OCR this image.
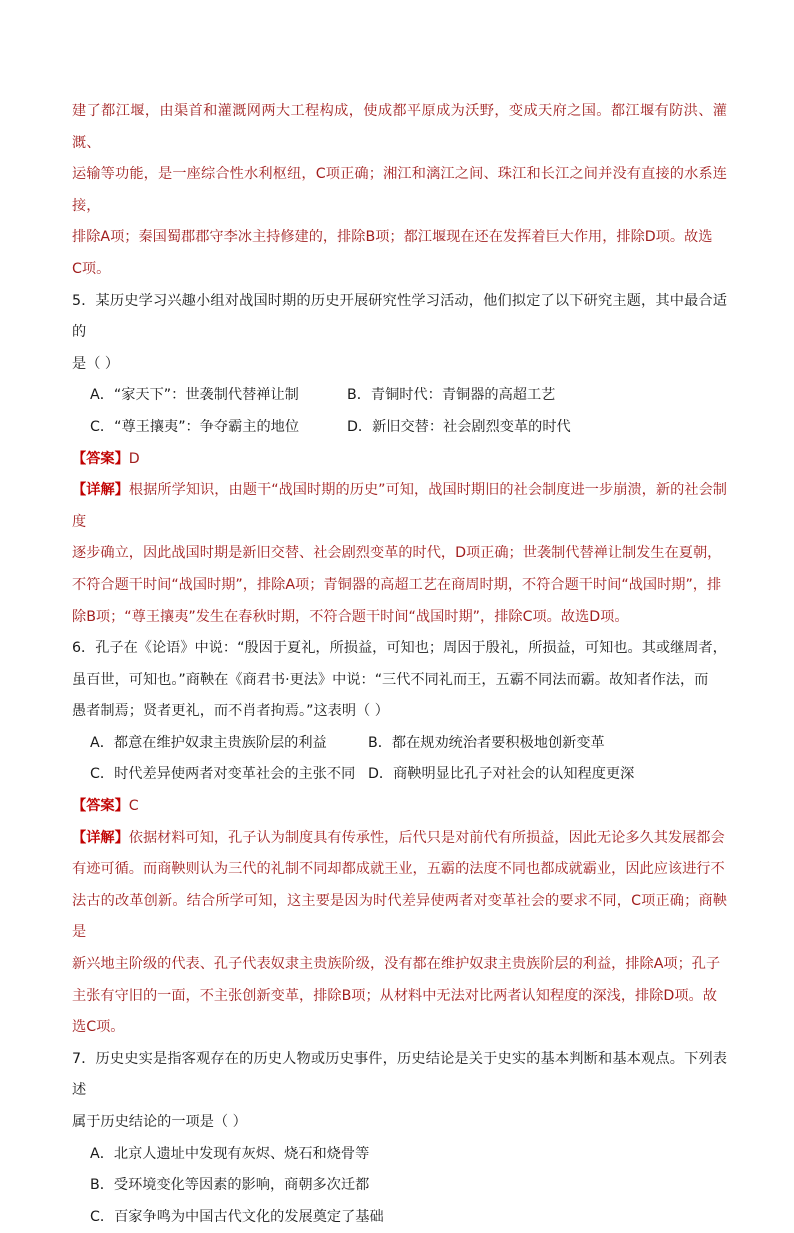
建了都江堰，由渠首和灌溉网两大工程构成，使成都平原成为沃野，变成天府之国。都江堰有防洪、灌溉、

运输等功能，是一座综合性水利枢纽，C项正确；湘江和漓江之间、珠江和长江之间并没有直接的水系连接，

排除A项；秦国蜀郡郡守李冰主持修建的，排除B项；都江堰现在还在发挥着巨大作用，排除D项。故选

C项。

5．某历史学习兴趣小组对战国时期的历史开展研究性学习活动，他们拟定了以下研究主题，其中最合适的

是（ ）

A．“家天下”：世袭制代替禅让制	B．青铜时代：青铜器的高超工艺
C．“尊王攘夷”：争夺霸主的地位	D．新旧交替：社会剧烈变革的时代

【答案】D

【详解】根据所学知识，由题干“战国时期的历史”可知，战国时期旧的社会制度进一步崩溃，新的社会制度

逐步确立，因此战国时期是新旧交替、社会剧烈变革的时代，D项正确；世袭制代替禅让制发生在夏朝，

不符合题干时间“战国时期”，排除A项；青铜器的高超工艺在商周时期，不符合题干时间“战国时期”，排

除B项；“尊王攘夷”发生在春秋时期，不符合题干时间“战国时期”，排除C项。故选D项。

6．孔子在《论语》中说：“殷因于夏礼，所损益，可知也；周因于殷礼，所损益，可知也。其或继周者，

虽百世，可知也。”商鞅在《商君书·更法》中说：“三代不同礼而王，五霸不同法而霸。故知者作法，而

愚者制焉；贤者更礼，而不肖者拘焉。”这表明（ ）

A．都意在维护奴隶主贵族阶层的利益	B．都在规劝统治者要积极地创新变革
C．时代差异使两者对变革社会的主张不同 D．商鞅明显比孔子对社会的认知程度更深

【答案】C

【详解】依据材料可知，孔子认为制度具有传承性，后代只是对前代有所损益，因此无论多久其发展都会

有迹可循。而商鞅则认为三代的礼制不同却都成就王业，五霸的法度不同也都成就霸业，因此应该进行不

法古的改革创新。结合所学可知，这主要是因为时代差异使两者对变革社会的要求不同，C项正确；商鞅是

新兴地主阶级的代表、孔子代表奴隶主贵族阶级，没有都在维护奴隶主贵族阶层的利益，排除A项；孔子

主张有守旧的一面，不主张创新变革，排除B项；从材料中无法对比两者认知程度的深浅，排除D项。故

选C项。

7．历史史实是指客观存在的历史人物或历史事件，历史结论是关于史实的基本判断和基本观点。下列表述

属于历史结论的一项是（ ）

A．北京人遗址中发现有灰烬、烧石和烧骨等
B．受环境变化等因素的影响，商朝多次迁都
C．百家争鸣为中国古代文化的发展奠定了基础
